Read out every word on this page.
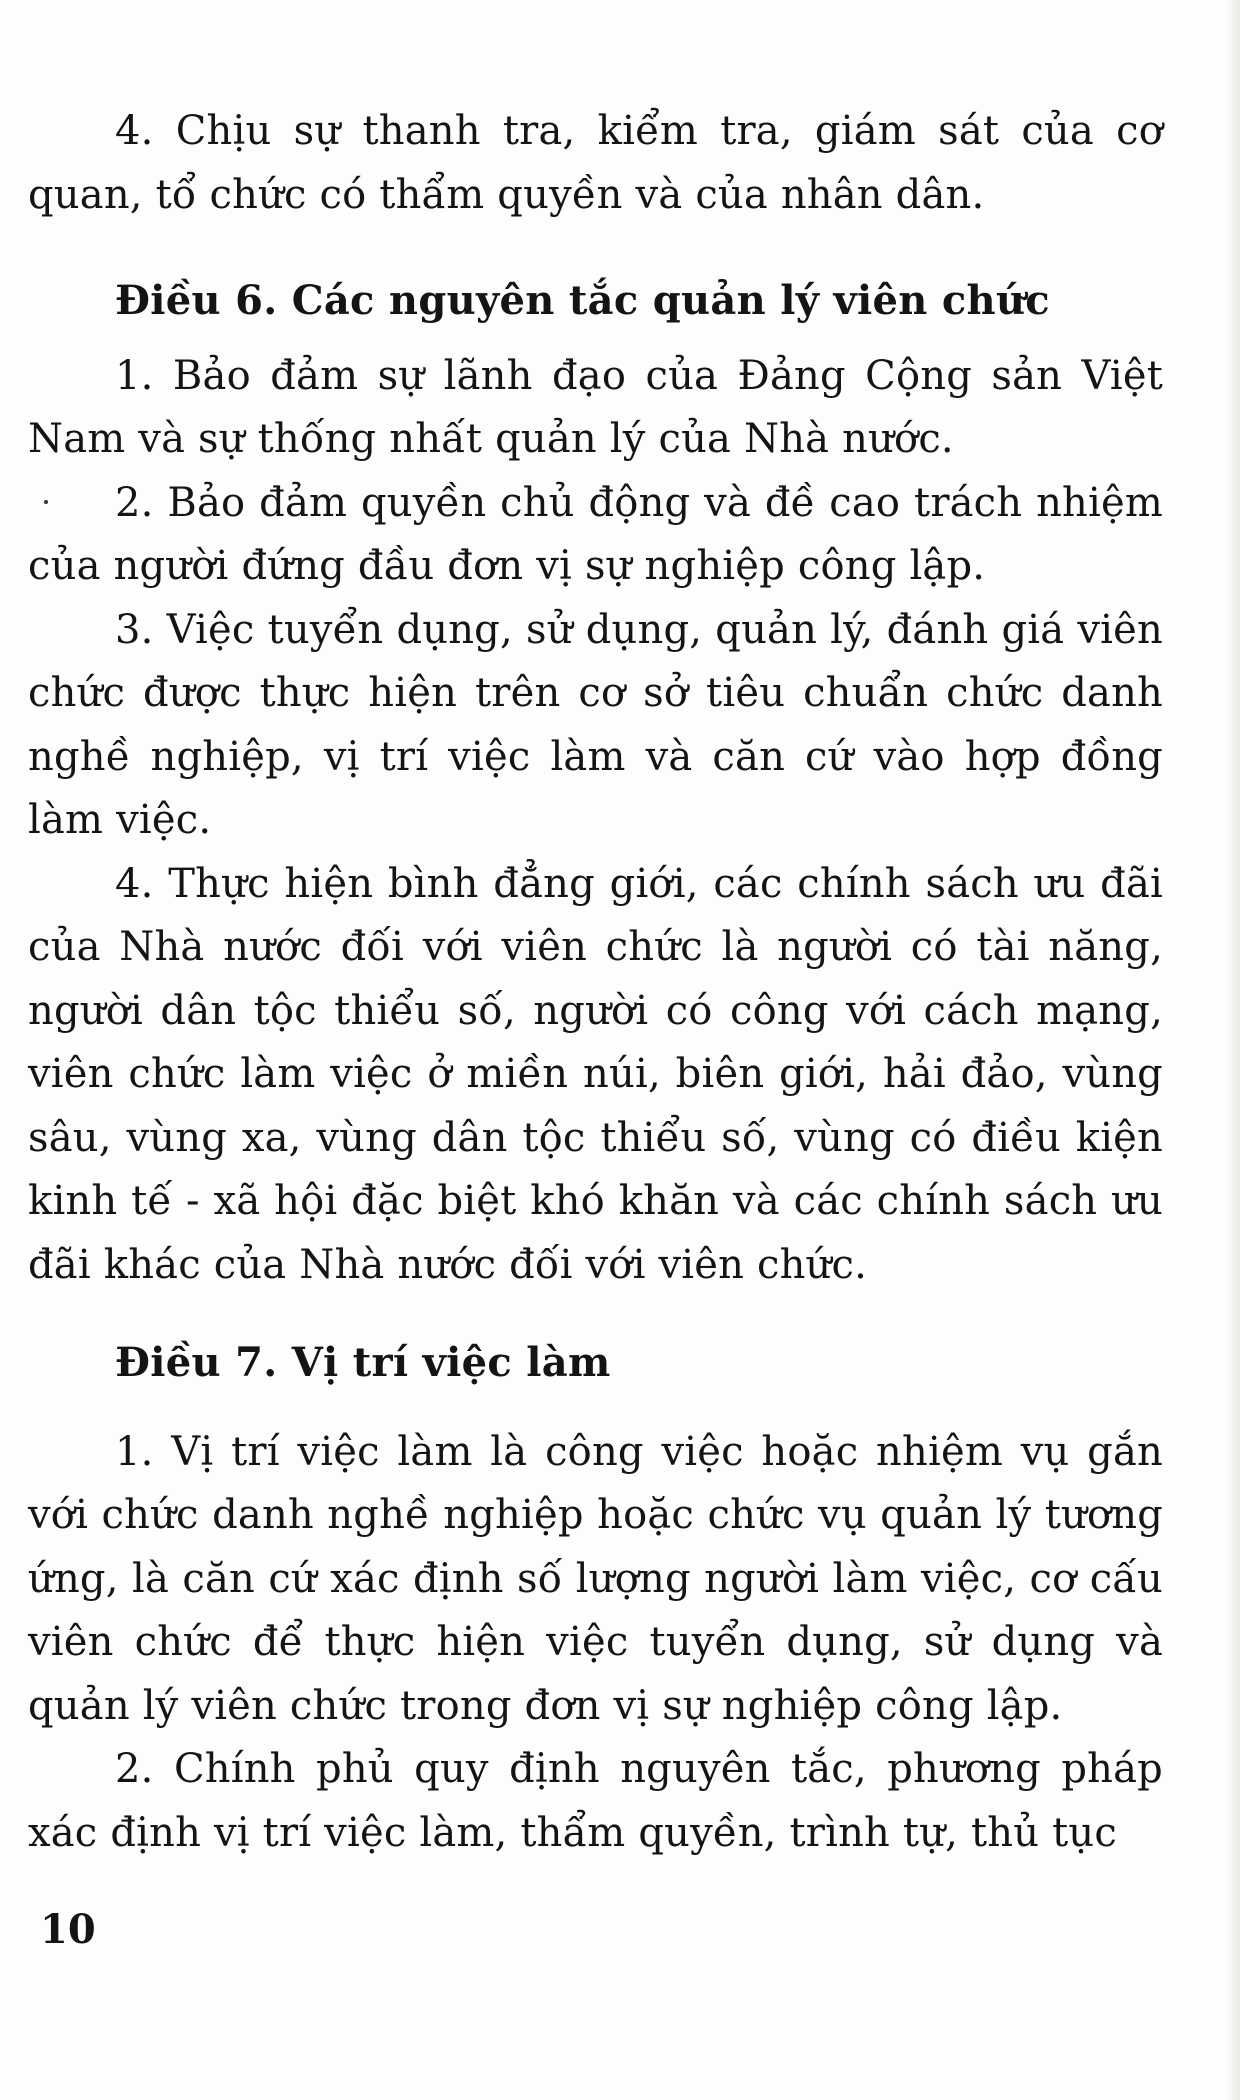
4. Chịu sự thanh tra, kiểm tra, giám sát của cơ quan, tổ chức có thẩm quyền và của nhân dân.

Điều 6. Các nguyên tắc quản lý viên chức

1. Bảo đảm sự lãnh đạo của Đảng Cộng sản Việt Nam và sự thống nhất quản lý của Nhà nước.

2. Bảo đảm quyền chủ động và đề cao trách nhiệm của người đứng đầu đơn vị sự nghiệp công lập.

3. Việc tuyển dụng, sử dụng, quản lý, đánh giá viên chức được thực hiện trên cơ sở tiêu chuẩn chức danh nghề nghiệp, vị trí việc làm và căn cứ vào hợp đồng làm việc.

4. Thực hiện bình đẳng giới, các chính sách ưu đãi của Nhà nước đối với viên chức là người có tài năng, người dân tộc thiểu số, người có công với cách mạng, viên chức làm việc ở miền núi, biên giới, hải đảo, vùng sâu, vùng xa, vùng dân tộc thiểu số, vùng có điều kiện kinh tế - xã hội đặc biệt khó khăn và các chính sách ưu đãi khác của Nhà nước đối với viên chức.

Điều 7. Vị trí việc làm

1. Vị trí việc làm là công việc hoặc nhiệm vụ gắn với chức danh nghề nghiệp hoặc chức vụ quản lý tương ứng, là căn cứ xác định số lượng người làm việc, cơ cấu viên chức để thực hiện việc tuyển dụng, sử dụng và quản lý viên chức trong đơn vị sự nghiệp công lập.

2. Chính phủ quy định nguyên tắc, phương pháp xác định vị trí việc làm, thẩm quyền, trình tự, thủ tục

10
